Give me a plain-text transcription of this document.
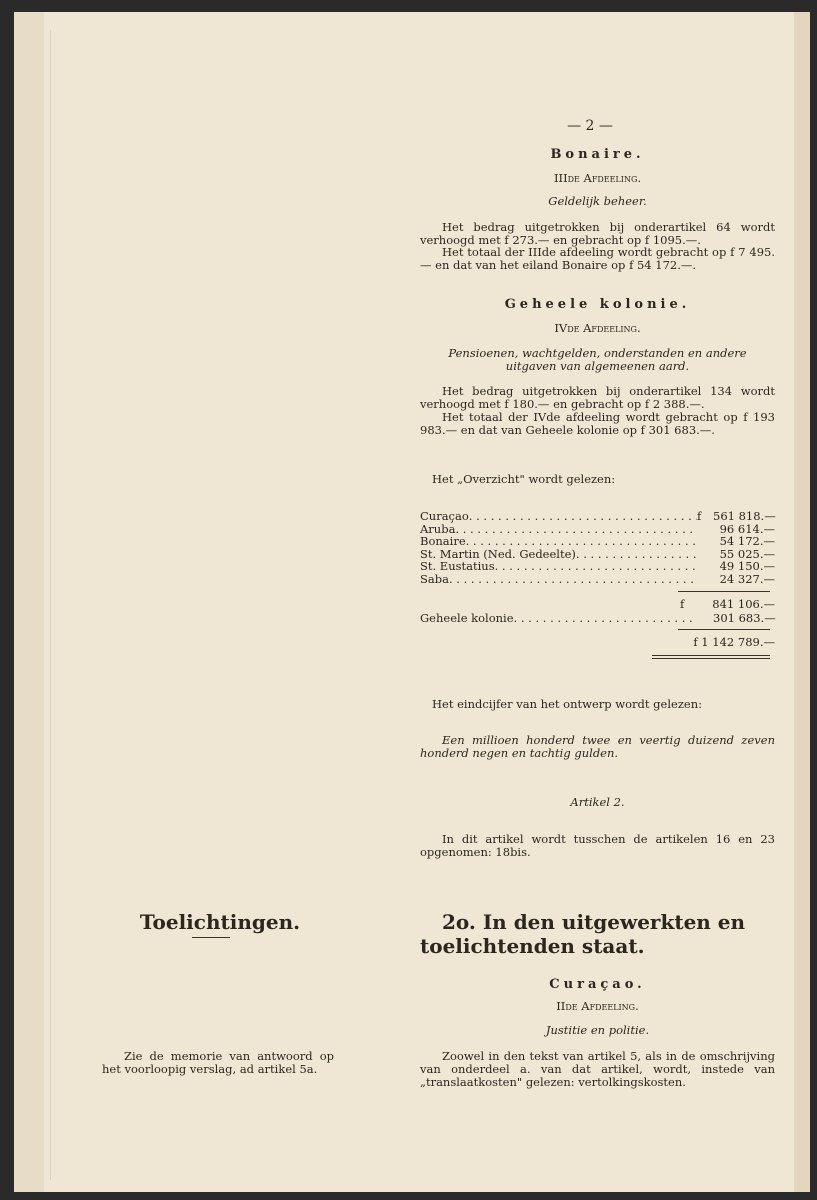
— 2 —
Bonaire.
IIIde Afdeeling.
Geldelijk beheer.
Het bedrag uitgetrokken bij onderartikel 64 wordt verhoogd met f 273.— en gebracht op f 1095.—.
Het totaal der IIIde afdeeling wordt gebracht op f 7 495.— en dat van het eiland Bonaire op f 54 172.—.
Geheele kolonie.
IVde Afdeeling.
Pensioenen, wachtgelden, onderstanden en andere uitgaven van algemeenen aard.
Het bedrag uitgetrokken bij onderartikel 134 wordt verhoogd met f 180.— en gebracht op f 2 388.—.
Het totaal der IVde afdeeling wordt gebracht op f 193 983.— en dat van Geheele kolonie op f 301 683.—.
Het „Overzicht" wordt gelezen:
Curaçao . . .	f	561 818.—
Aruba . . .	96 614.—
Bonaire . . .	54 172.—
St. Martin (Ned. Gedeelte) . . .	55 025.—
St. Eustatius . . .	49 150.—
Saba . . .	24 327.—
f	841 106.—
Geheele kolonie . . .	301 683.—
f 1 142 789.—
Het eindcijfer van het ontwerp wordt gelezen:
Een millioen honderd twee en veertig duizend zeven honderd negen en tachtig gulden.
Artikel 2.
In dit artikel wordt tusschen de artikelen 16 en 23 opgenomen: 18bis.
2o. In den uitgewerkten en toelichtenden staat.
Curaçao.
IIde Afdeeling.
Justitie en politie.
Zoowel in den tekst van artikel 5, als in de omschrijving van onderdeel a. van dat artikel, wordt, instede van „translaatkosten" gelezen: vertolkingskosten.
Toelichtingen.
Zie de memorie van antwoord op het voorloopig verslag, ad artikel 5a.
